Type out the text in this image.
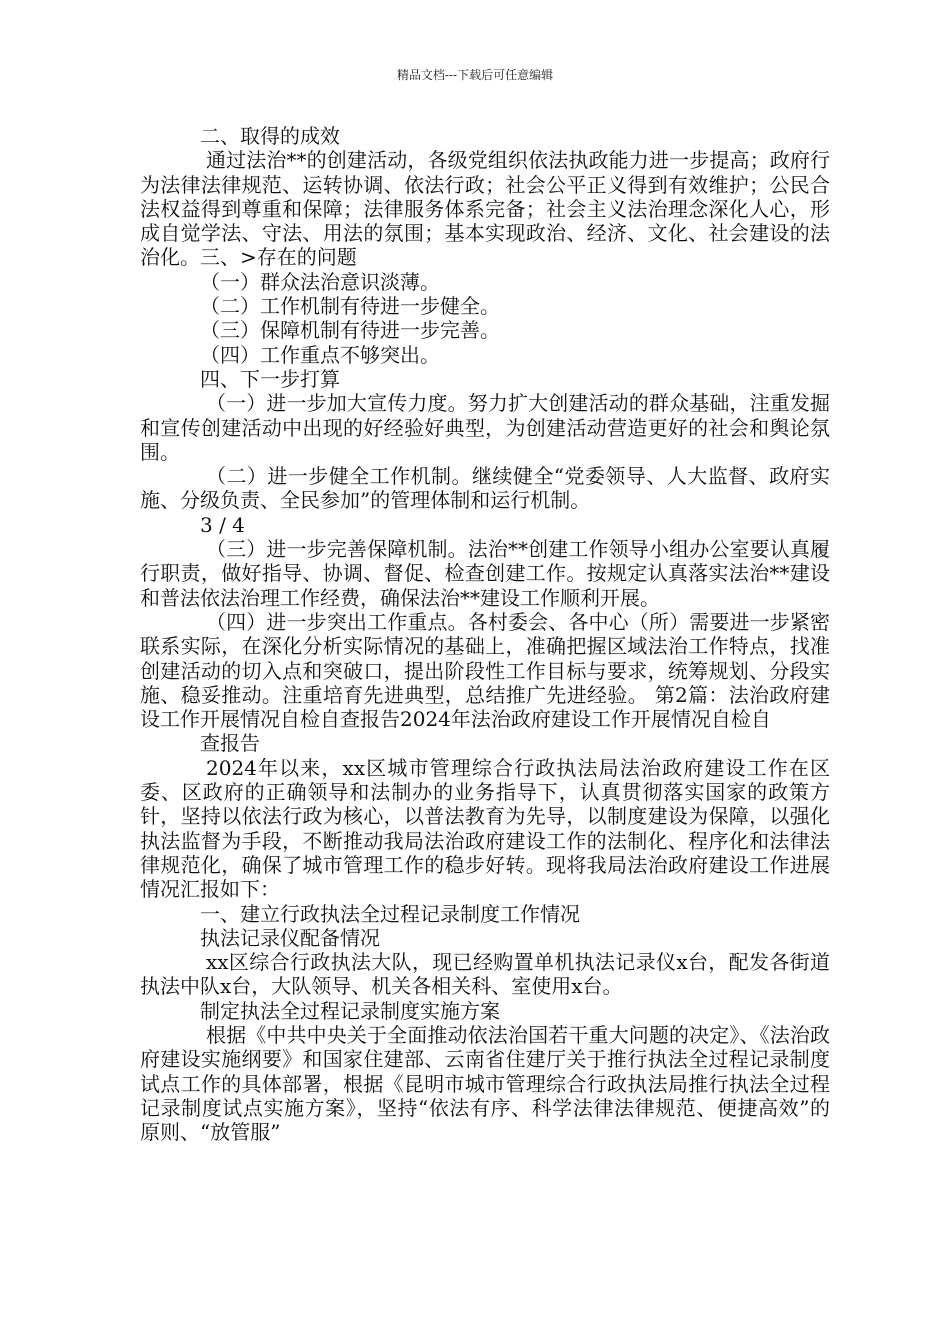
精品文档---下载后可任意编辑

二、取得的成效

通过法治**的创建活动，各级党组织依法执政能力进一步提高；政府行为法律法律规范、运转协调、依法行政；社会公平正义得到有效维护；公民合法权益得到尊重和保障；法律服务体系完备；社会主义法治理念深化人心，形成自觉学法、守法、用法的氛围；基本实现政治、经济、文化、社会建设的法治化。三、>存在的问题

（一）群众法治意识淡薄。

（二）工作机制有待进一步健全。

（三）保障机制有待进一步完善。

（四）工作重点不够突出。

四、下一步打算

（一）进一步加大宣传力度。努力扩大创建活动的群众基础，注重发掘和宣传创建活动中出现的好经验好典型，为创建活动营造更好的社会和舆论氛围。

（二）进一步健全工作机制。继续健全“党委领导、人大监督、政府实施、分级负责、全民参加”的管理体制和运行机制。

3 / 4

（三）进一步完善保障机制。法治**创建工作领导小组办公室要认真履行职责，做好指导、协调、督促、检查创建工作。按规定认真落实法治**建设和普法依法治理工作经费，确保法治**建设工作顺利开展。

（四）进一步突出工作重点。各村委会、各中心（所）需要进一步紧密联系实际，在深化分析实际情况的基础上，准确把握区域法治工作特点，找准创建活动的切入点和突破口，提出阶段性工作目标与要求，统筹规划、分段实施、稳妥推动。注重培育先进典型，总结推广先进经验。 第2篇：法治政府建设工作开展情况自检自查报告2024年法治政府建设工作开展情况自检自

查报告

2024年以来，xx区城市管理综合行政执法局法治政府建设工作在区委、区政府的正确领导和法制办的业务指导下，认真贯彻落实国家的政策方针，坚持以依法行政为核心，以普法教育为先导，以制度建设为保障，以强化执法监督为手段，不断推动我局法治政府建设工作的法制化、程序化和法律法律规范化，确保了城市管理工作的稳步好转。现将我局法治政府建设工作进展情况汇报如下：

一、建立行政执法全过程记录制度工作情况

执法记录仪配备情况

xx区综合行政执法大队，现已经购置单机执法记录仪x台，配发各街道执法中队x台，大队领导、机关各相关科、室使用x台。

制定执法全过程记录制度实施方案

根据《中共中央关于全面推动依法治国若干重大问题的决定》、《法治政府建设实施纲要》和国家住建部、云南省住建厅关于推行执法全过程记录制度试点工作的具体部署，根据《昆明市城市管理综合行政执法局推行执法全过程记录制度试点实施方案》，坚持“依法有序、科学法律法律规范、便捷高效”的原则、“放管服”
